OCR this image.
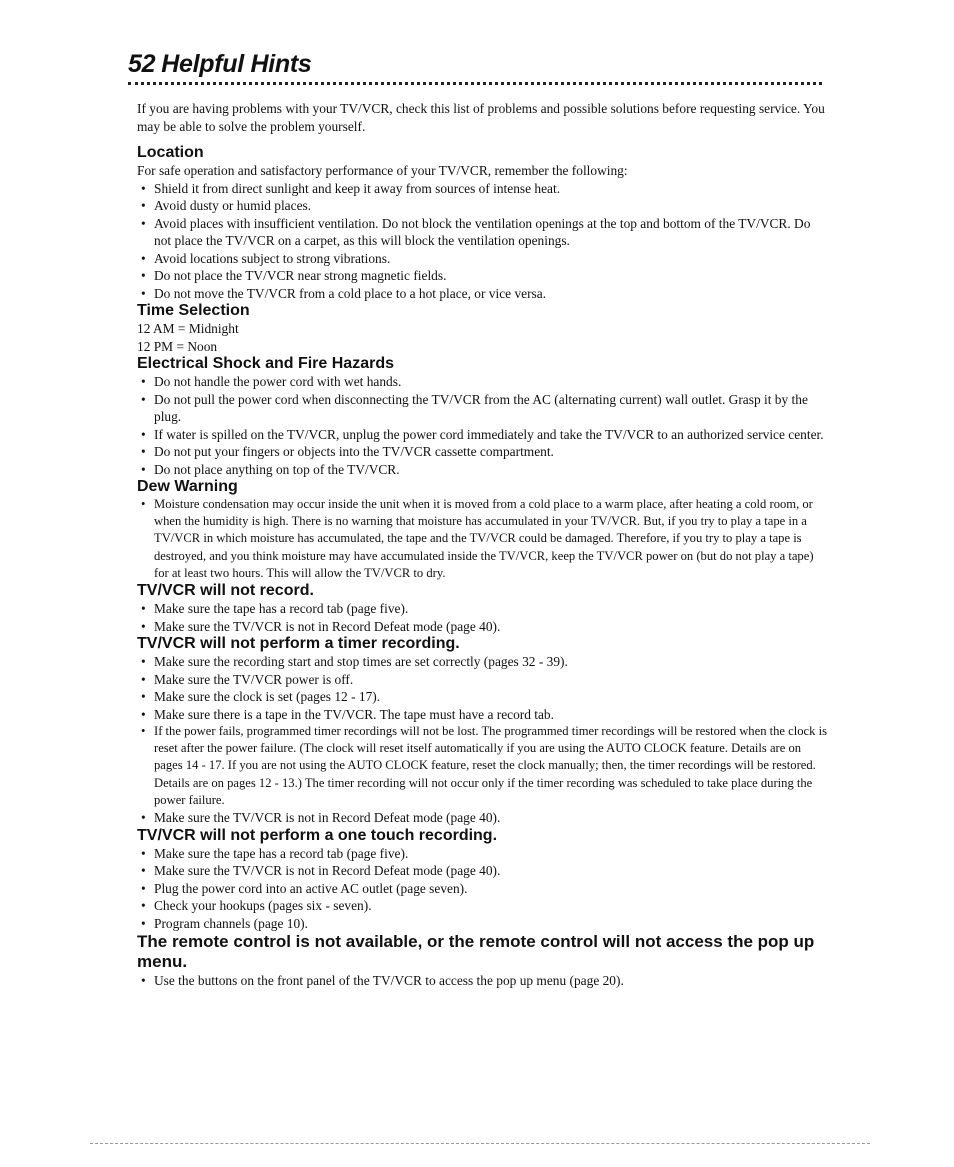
52 Helpful Hints

If you are having problems with your TV/VCR, check this list of problems and possible solutions before requesting service. You may be able to solve the problem yourself.

Location

For safe operation and satisfactory performance of your TV/VCR, remember the following:

• Shield it from direct sunlight and keep it away from sources of intense heat.
• Avoid dusty or humid places.
• Avoid places with insufficient ventilation. Do not block the ventilation openings at the top and bottom of the TV/VCR. Do not place the TV/VCR on a carpet, as this will block the ventilation openings.
• Avoid locations subject to strong vibrations.
• Do not place the TV/VCR near strong magnetic fields.
• Do not move the TV/VCR from a cold place to a hot place, or vice versa.
Time Selection

12 AM = Midnight

12 PM = Noon

Electrical Shock and Fire Hazards
• Do not handle the power cord with wet hands.
• Do not pull the power cord when disconnecting the TV/VCR from the AC (alternating current) wall outlet. Grasp it by the plug.
• If water is spilled on the TV/VCR, unplug the power cord immediately and take the TV/VCR to an authorized service center.
• Do not put your fingers or objects into the TV/VCR cassette compartment.
• Do not place anything on top of the TV/VCR.
Dew Warning
• Moisture condensation may occur inside the unit when it is moved from a cold place to a warm place, after heating a cold room, or when the humidity is high. There is no warning that moisture has accumulated in your TV/VCR. But, if you try to play a tape in a TV/VCR in which moisture has accumulated, the tape and the TV/VCR could be damaged. Therefore, if you try to play a tape is destroyed, and you think moisture may have accumulated inside the TV/VCR, keep the TV/VCR power on (but do not play a tape) for at least two hours. This will allow the TV/VCR to dry.
TV/VCR will not record.
• Make sure the tape has a record tab (page five).
• Make sure the TV/VCR is not in Record Defeat mode (page 40).
TV/VCR will not perform a timer recording.
• Make sure the recording start and stop times are set correctly (pages 32 - 39).
• Make sure the TV/VCR power is off.
• Make sure the clock is set (pages 12 - 17).
• Make sure there is a tape in the TV/VCR. The tape must have a record tab.
• If the power fails, programmed timer recordings will not be lost. The programmed timer recordings will be restored when the clock is reset after the power failure. (The clock will reset itself automatically if you are using the AUTO CLOCK feature. Details are on pages 14 - 17. If you are not using the AUTO CLOCK feature, reset the clock manually; then, the timer recordings will be restored. Details are on pages 12 - 13.) The timer recording will not occur only if the timer recording was scheduled to take place during the power failure.
• Make sure the TV/VCR is not in Record Defeat mode (page 40).
TV/VCR will not perform a one touch recording.
• Make sure the tape has a record tab (page five).
• Make sure the TV/VCR is not in Record Defeat mode (page 40).
• Plug the power cord into an active AC outlet (page seven).
• Check your hookups (pages six - seven).
• Program channels (page 10).
The remote control is not available, or the remote control will not access the pop up menu.
• Use the buttons on the front panel of the TV/VCR to access the pop up menu (page 20).
